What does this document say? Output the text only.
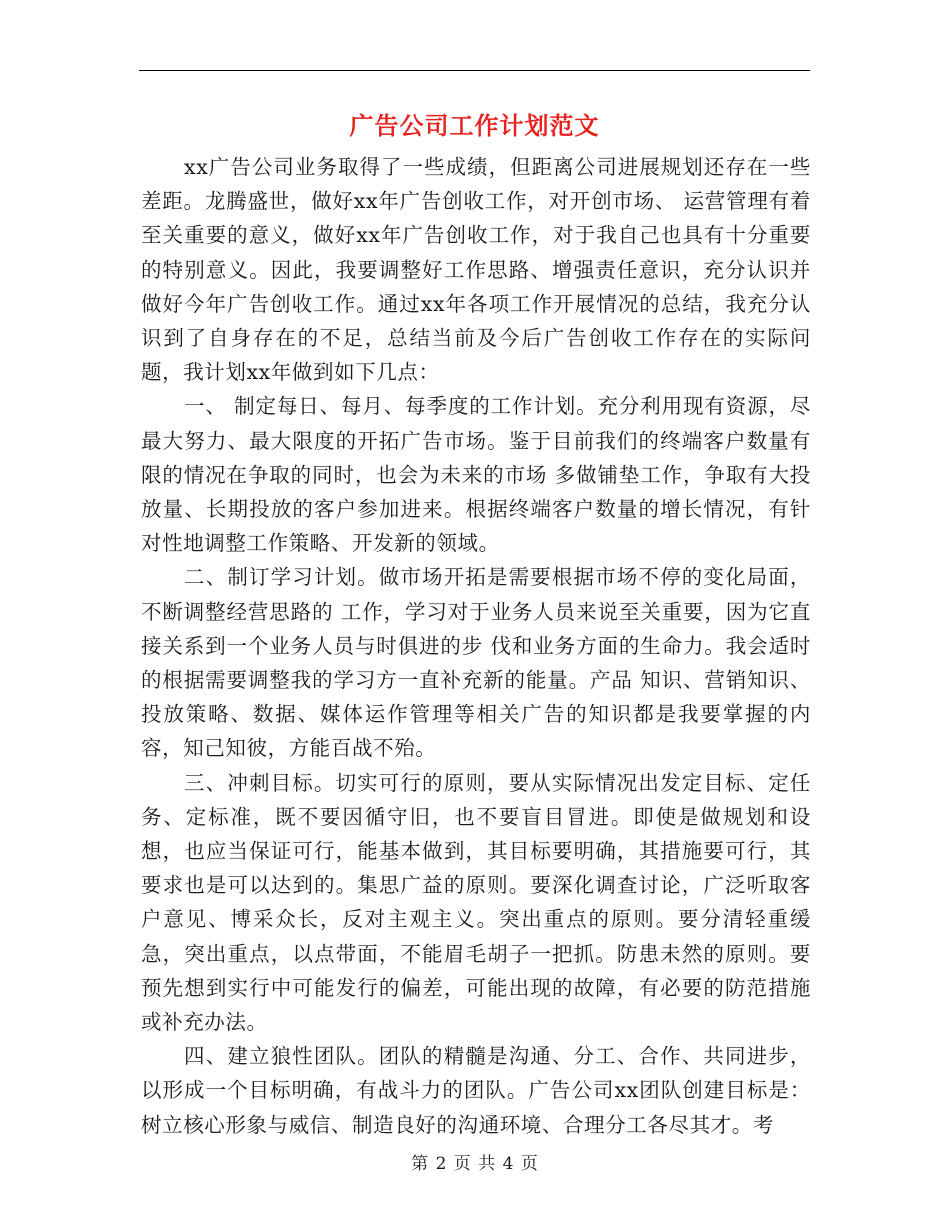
广告公司工作计划范文

xx广告公司业务取得了一些成绩，但距离公司进展规划还存在一些差距。龙腾盛世，做好xx年广告创收工作，对开创市场、 运营管理有着至关重要的意义，做好xx年广告创收工作，对于我自己也具有十分重要的特别意义。因此，我要调整好工作思路、增强责任意识，充分认识并做好今年广告创收工作。通过xx年各项工作开展情况的总结，我充分认识到了自身存在的不足，总结当前及今后广告创收工作存在的实际问题，我计划xx年做到如下几点：

一、 制定每日、每月、每季度的工作计划。充分利用现有资源，尽最大努力、最大限度的开拓广告市场。鉴于目前我们的终端客户数量有限的情况在争取的同时，也会为未来的市场 多做铺垫工作，争取有大投放量、长期投放的客户参加进来。根据终端客户数量的增长情况，有针对性地调整工作策略、开发新的领域。

二、制订学习计划。做市场开拓是需要根据市场不停的变化局面，不断调整经营思路的 工作，学习对于业务人员来说至关重要，因为它直接关系到一个业务人员与时俱进的步 伐和业务方面的生命力。我会适时的根据需要调整我的学习方一直补充新的能量。产品 知识、营销知识、投放策略、数据、媒体运作管理等相关广告的知识都是我要掌握的内容，知己知彼，方能百战不殆。

三、冲刺目标。切实可行的原则，要从实际情况出发定目标、定任务、定标准，既不要因循守旧，也不要盲目冒进。即使是做规划和设想，也应当保证可行，能基本做到，其目标要明确，其措施要可行，其要求也是可以达到的。集思广益的原则。要深化调查讨论，广泛听取客户意见、博采众长，反对主观主义。突出重点的原则。要分清轻重缓急，突出重点，以点带面，不能眉毛胡子一把抓。防患未然的原则。要预先想到实行中可能发行的偏差，可能出现的故障，有必要的防范措施或补充办法。

四、建立狼性团队。团队的精髓是沟通、分工、合作、共同进步，以形成一个目标明确，有战斗力的团队。广告公司xx团队创建目标是：树立核心形象与威信、制造良好的沟通环境、合理分工各尽其才。考

第 2 页 共 4 页
